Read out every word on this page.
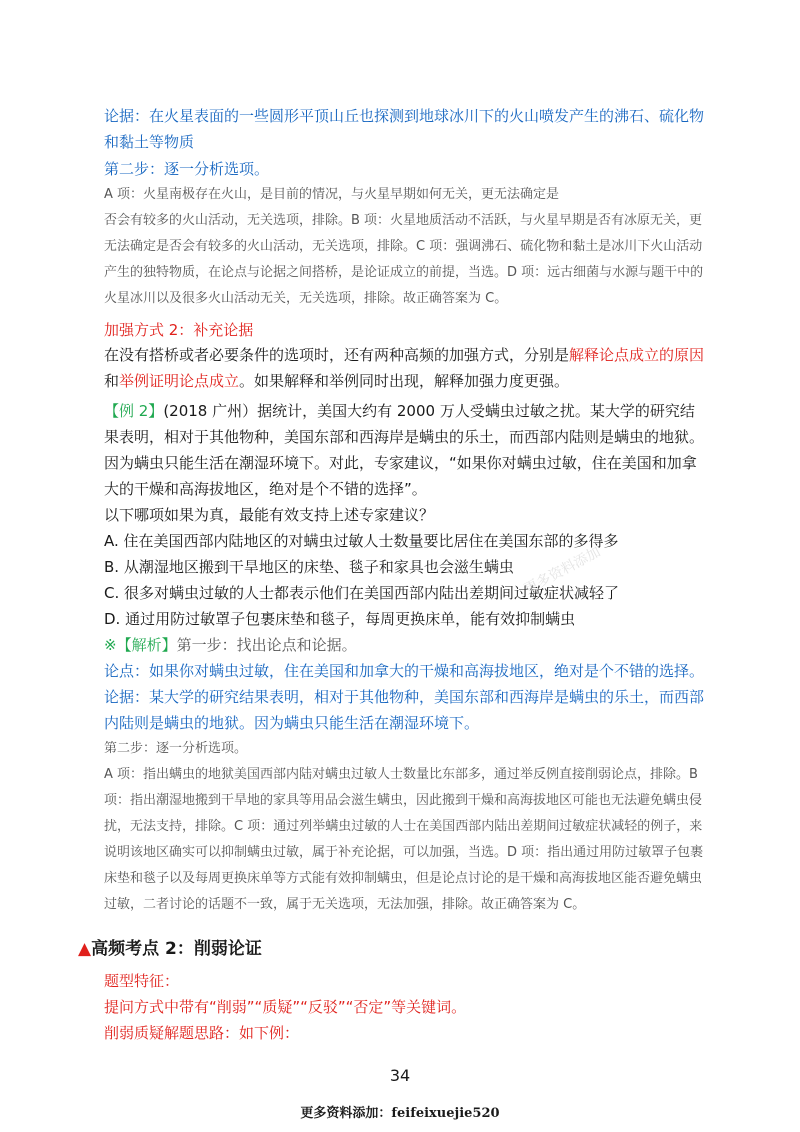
论据：在火星表面的一些圆形平顶山丘也探测到地球冰川下的火山喷发产生的沸石、硫化物和黏土等物质

第二步：逐一分析选项。

A 项：火星南极存在火山，是目前的情况，与火星早期如何无关，更无法确定是

否会有较多的火山活动，无关选项，排除。B 项：火星地质活动不活跃，与火星早期是否有冰原无关，更无法确定是否会有较多的火山活动，无关选项，排除。C 项：强调沸石、硫化物和黏土是冰川下火山活动产生的独特物质，在论点与论据之间搭桥，是论证成立的前提，当选。D 项：远古细菌与水源与题干中的火星冰川以及很多火山活动无关，无关选项，排除。故正确答案为 C。

加强方式 2：补充论据

在没有搭桥或者必要条件的选项时，还有两种高频的加强方式，分别是解释论点成立的原因和举例证明论点成立。如果解释和举例同时出现，解释加强力度更强。

【例 2】(2018 广州）据统计，美国大约有 2000 万人受螨虫过敏之扰。某大学的研究结果表明，相对于其他物种，美国东部和西海岸是螨虫的乐土，而西部内陆则是螨虫的地狱。因为螨虫只能生活在潮湿环境下。对此，专家建议，“如果你对螨虫过敏，住在美国和加拿大的干燥和高海拔地区，绝对是个不错的选择”。

以下哪项如果为真，最能有效支持上述专家建议？

A. 住在美国西部内陆地区的对螨虫过敏人士数量要比居住在美国东部的多得多

B. 从潮湿地区搬到干旱地区的床垫、毯子和家具也会滋生螨虫

C. 很多对螨虫过敏的人士都表示他们在美国西部内陆出差期间过敏症状减轻了

D. 通过用防过敏罩子包裹床垫和毯子，每周更换床单，能有效抑制螨虫

※【解析】第一步：找出论点和论据。

论点：如果你对螨虫过敏，住在美国和加拿大的干燥和高海拔地区，绝对是个不错的选择。

论据：某大学的研究结果表明，相对于其他物种，美国东部和西海岸是螨虫的乐土，而西部内陆则是螨虫的地狱。因为螨虫只能生活在潮湿环境下。

第二步：逐一分析选项。

A 项：指出螨虫的地狱美国西部内陆对螨虫过敏人士数量比东部多，通过举反例直接削弱论点，排除。B 项：指出潮湿地搬到干旱地的家具等用品会滋生螨虫，因此搬到干燥和高海拔地区可能也无法避免螨虫侵扰，无法支持，排除。C 项：通过列举螨虫过敏的人士在美国西部内陆出差期间过敏症状减轻的例子，来说明该地区确实可以抑制螨虫过敏，属于补充论据，可以加强，当选。D 项：指出通过用防过敏罩子包裹床垫和毯子以及每周更换床单等方式能有效抑制螨虫，但是论点讨论的是干燥和高海拔地区能否避免螨虫过敏，二者讨论的话题不一致，属于无关选项，无法加强，排除。故正确答案为 C。

▲高频考点 2：削弱论证

题型特征：

提问方式中带有“削弱”“质疑”“反驳”“否定”等关键词。

削弱质疑解题思路：如下例：

更多资料添加
34
更多资料添加：feifeixuejie520
